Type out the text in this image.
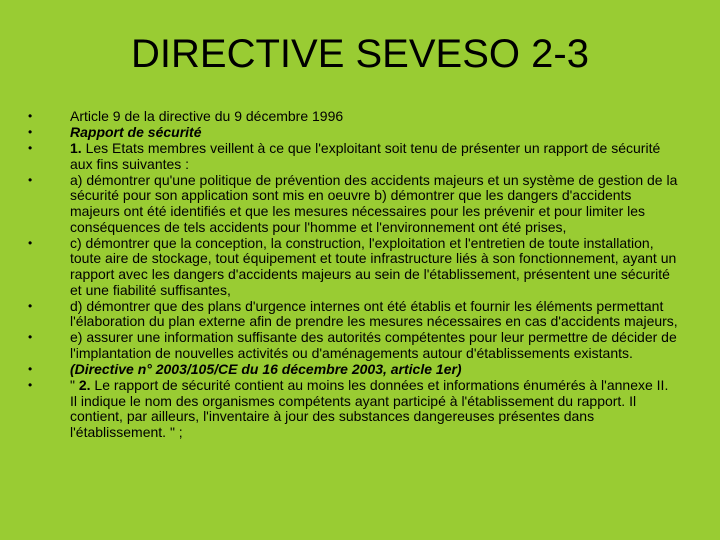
DIRECTIVE SEVESO 2-3
•	Article 9 de la directive du 9 décembre 1996
•	Rapport de sécurité
•	1. Les Etats membres veillent à ce que l'exploitant soit tenu de présenter un rapport de sécurité aux fins suivantes :
•	a) démontrer qu'une politique de prévention des accidents majeurs et un système de gestion de la sécurité pour son application sont mis en oeuvre b) démontrer que les dangers d'accidents majeurs ont été identifiés et que les mesures nécessaires pour les prévenir et pour limiter les conséquences de tels accidents pour l'homme et l'environnement ont été prises,
•	c) démontrer que la conception, la construction, l'exploitation et l'entretien de toute installation, toute aire de stockage, tout équipement et toute infrastructure liés à son fonctionnement, ayant un rapport avec les dangers d'accidents majeurs au sein de l'établissement, présentent une sécurité et une fiabilité suffisantes,
•	d) démontrer que des plans d'urgence internes ont été établis et fournir les éléments permettant l'élaboration du plan externe afin de prendre les mesures nécessaires en cas d'accidents majeurs,
•	e) assurer une information suffisante des autorités compétentes pour leur permettre de décider de l'implantation de nouvelles activités ou d'aménagements autour d'établissements existants.
•	(Directive n° 2003/105/CE du 16 décembre 2003, article 1er)
•	" 2. Le rapport de sécurité contient au moins les données et informations énumérés à l'annexe II. Il indique le nom des organismes compétents ayant participé à l'établissement du rapport. Il contient, par ailleurs, l'inventaire à jour des substances dangereuses présentes dans l'établissement. " ;
